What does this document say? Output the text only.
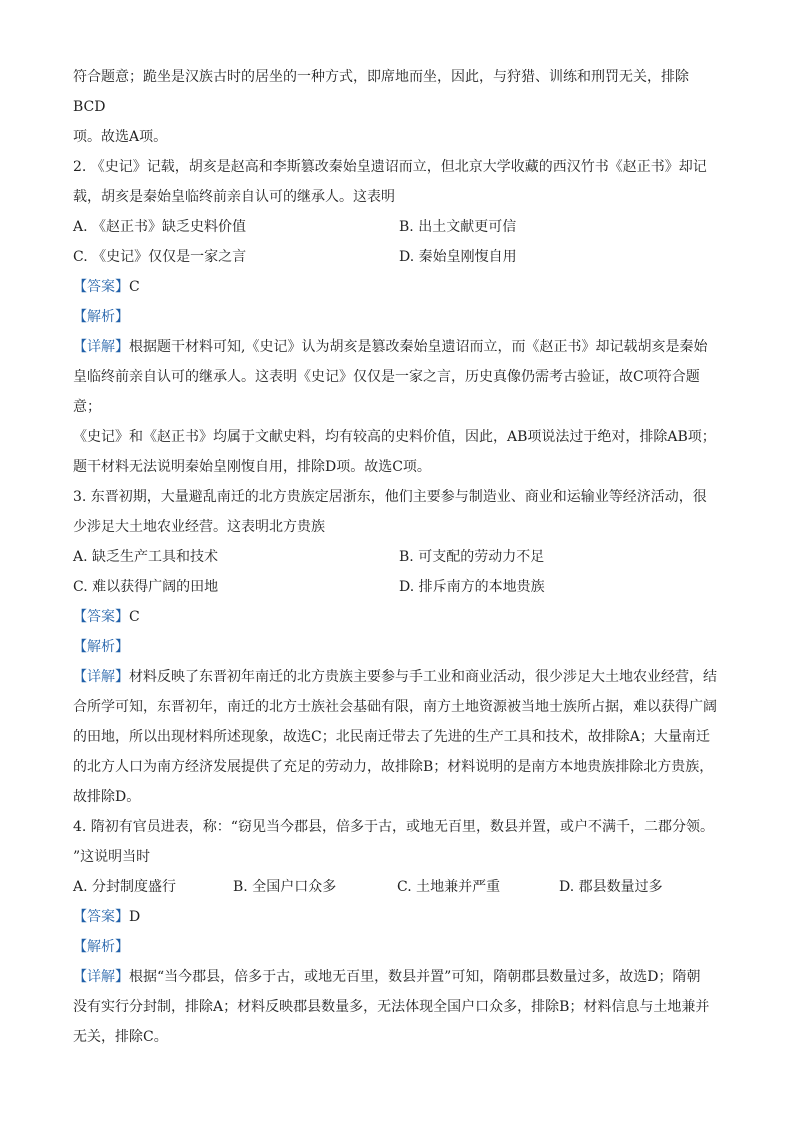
符合题意；跪坐是汉族古时的居坐的一种方式，即席地而坐，因此，与狩猎、训练和刑罚无关，排除BCD

项。故选A项。

2. 《史记》记载，胡亥是赵高和李斯篡改秦始皇遗诏而立，但北京大学收藏的西汉竹书《赵正书》却记

载，胡亥是秦始皇临终前亲自认可的继承人。这表明

A. 《赵正书》缺乏史料价值	B. 出土文献更可信

C. 《史记》仅仅是一家之言	D. 秦始皇刚愎自用

【答案】C

【解析】

【详解】根据题干材料可知,《史记》认为胡亥是篡改秦始皇遗诏而立，而《赵正书》却记载胡亥是秦始

皇临终前亲自认可的继承人。这表明《史记》仅仅是一家之言，历史真像仍需考古验证，故C项符合题意；

《史记》和《赵正书》均属于文献史料，均有较高的史料价值，因此，AB项说法过于绝对，排除AB项；

题干材料无法说明秦始皇刚愎自用，排除D项。故选C项。

3. 东晋初期，大量避乱南迁的北方贵族定居浙东，他们主要参与制造业、商业和运输业等经济活动，很

少涉足大土地农业经营。这表明北方贵族

A. 缺乏生产工具和技术	B. 可支配的劳动力不足

C. 难以获得广阔的田地	D. 排斥南方的本地贵族

【答案】C

【解析】

【详解】材料反映了东晋初年南迁的北方贵族主要参与手工业和商业活动，很少涉足大土地农业经营，结

合所学可知，东晋初年，南迁的北方士族社会基础有限，南方土地资源被当地士族所占据，难以获得广阔

的田地，所以出现材料所述现象，故选C；北民南迁带去了先进的生产工具和技术，故排除A；大量南迁

的北方人口为南方经济发展提供了充足的劳动力，故排除B；材料说明的是南方本地贵族排除北方贵族，

故排除D。

4. 隋初有官员进表，称：“窃见当今郡县，倍多于古，或地无百里，数县并置，或户不满千，二郡分领。

”这说明当时

A. 分封制度盛行	B. 全国户口众多	C. 土地兼并严重	D. 郡县数量过多

【答案】D

【解析】

【详解】根据“当今郡县，倍多于古，或地无百里，数县并置”可知，隋朝郡县数量过多，故选D；隋朝

没有实行分封制，排除A；材料反映郡县数量多，无法体现全国户口众多，排除B；材料信息与土地兼并

无关，排除C。
